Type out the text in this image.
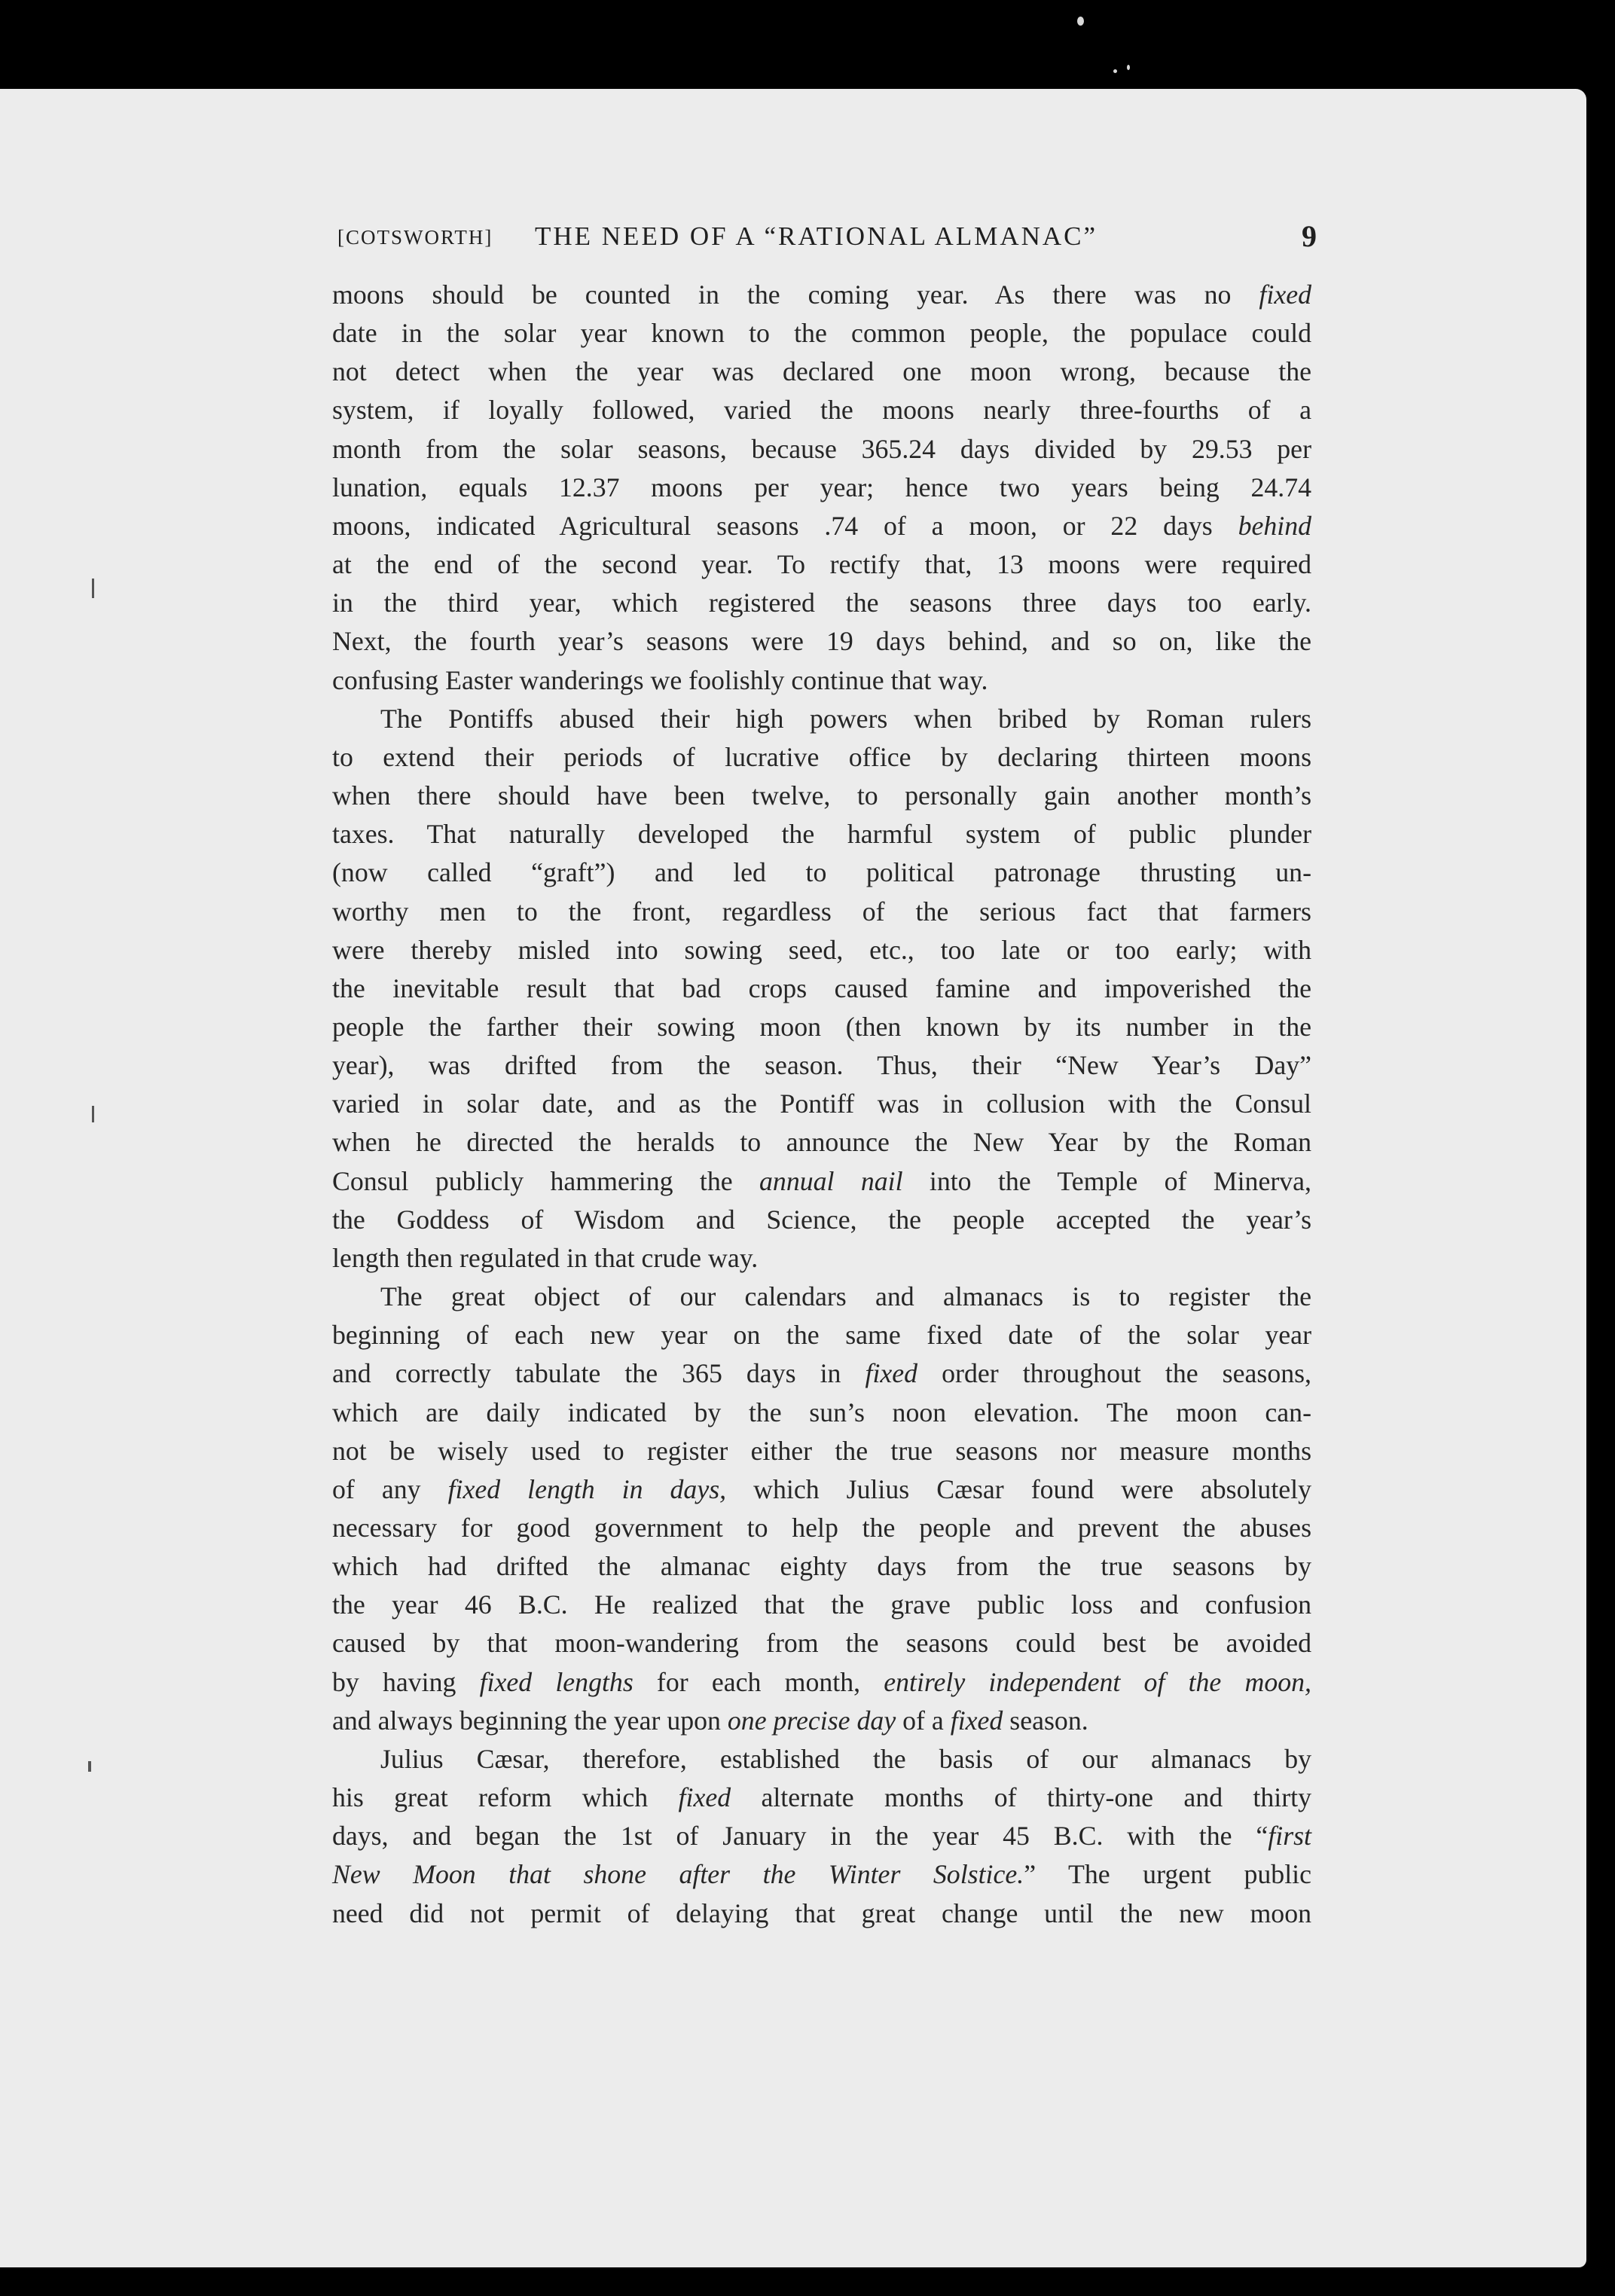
[COTSWORTH] THE NEED OF A “RATIONAL ALMANAC”	9

moons should be counted in the coming year. As there was no fixed
date in the solar year known to the common people, the populace could
not detect when the year was declared one moon wrong, because the
system, if loyally followed, varied the moons nearly three-fourths of a
month from the solar seasons, because 365.24 days divided by 29.53 per
lunation, equals 12.37 moons per year; hence two years being 24.74
moons, indicated Agricultural seasons .74 of a moon, or 22 days behind
at the end of the second year. To rectify that, 13 moons were required
in the third year, which registered the seasons three days too early.
Next, the fourth year’s seasons were 19 days behind, and so on, like the
confusing Easter wanderings we foolishly continue that way.

The Pontiffs abused their high powers when bribed by Roman rulers
to extend their periods of lucrative office by declaring thirteen moons
when there should have been twelve, to personally gain another month’s
taxes. That naturally developed the harmful system of public plunder
(now called “graft”) and led to political patronage thrusting un-
worthy men to the front, regardless of the serious fact that farmers
were thereby misled into sowing seed, etc., too late or too early; with
the inevitable result that bad crops caused famine and impoverished the
people the farther their sowing moon (then known by its number in the
year), was drifted from the season. Thus, their “New Year’s Day”
varied in solar date, and as the Pontiff was in collusion with the Consul
when he directed the heralds to announce the New Year by the Roman
Consul publicly hammering the annual nail into the Temple of Minerva,
the Goddess of Wisdom and Science, the people accepted the year’s
length then regulated in that crude way.

The great object of our calendars and almanacs is to register the
beginning of each new year on the same fixed date of the solar year
and correctly tabulate the 365 days in fixed order throughout the seasons,
which are daily indicated by the sun’s noon elevation. The moon can-
not be wisely used to register either the true seasons nor measure months
of any fixed length in days, which Julius Cæsar found were absolutely
necessary for good government to help the people and prevent the abuses
which had drifted the almanac eighty days from the true seasons by
the year 46 B.C. He realized that the grave public loss and confusion
caused by that moon-wandering from the seasons could best be avoided
by having fixed lengths for each month, entirely independent of the moon,
and always beginning the year upon one precise day of a fixed season.

Julius Cæsar, therefore, established the basis of our almanacs by
his great reform which fixed alternate months of thirty-one and thirty
days, and began the 1st of January in the year 45 B.C. with the “first
New Moon that shone after the Winter Solstice.” The urgent public
need did not permit of delaying that great change until the new moon
